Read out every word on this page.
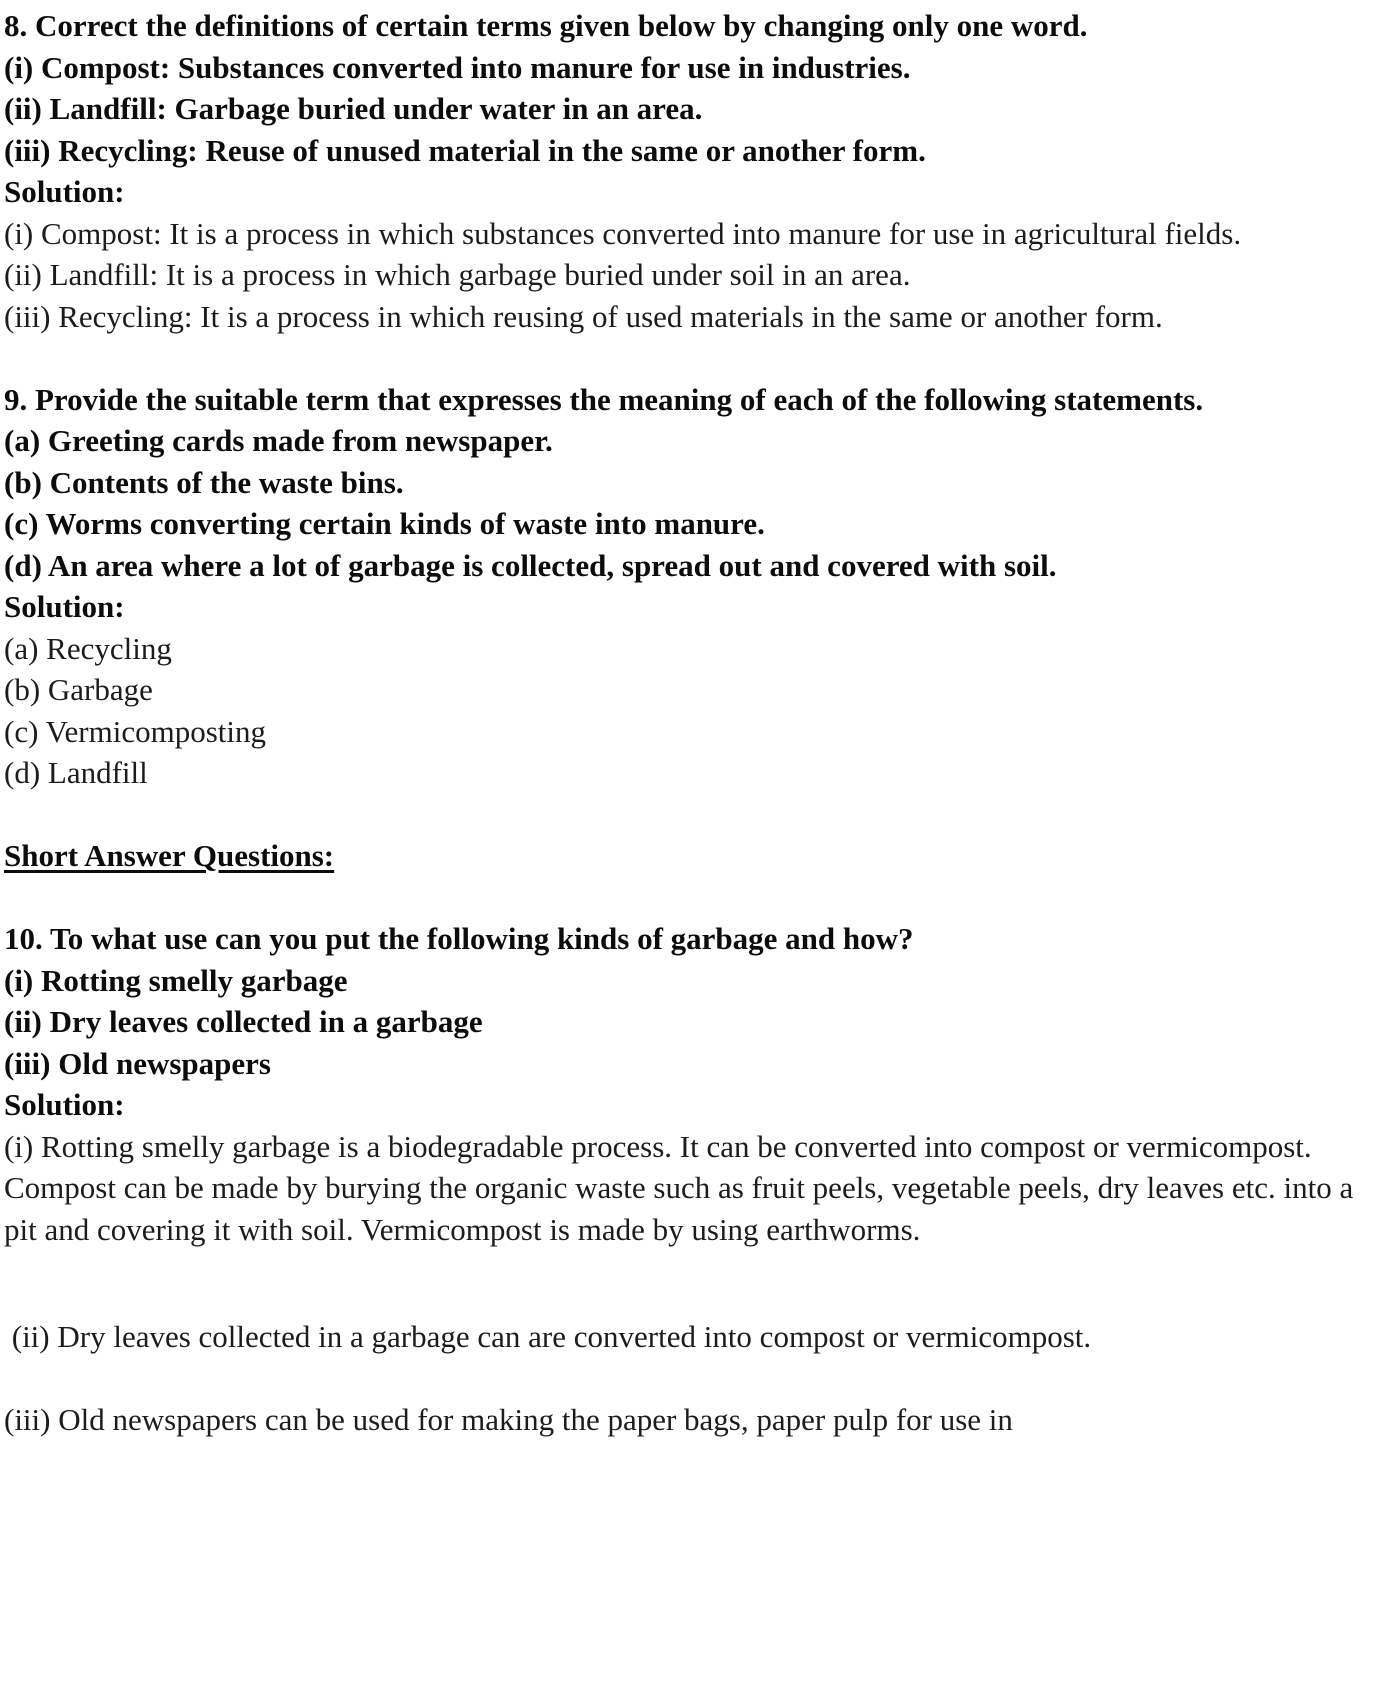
8. Correct the definitions of certain terms given below by changing only one word.

(i) Compost: Substances converted into manure for use in industries.

(ii) Landfill: Garbage buried under water in an area.

(iii) Recycling: Reuse of unused material in the same or another form.

Solution:

(i) Compost: It is a process in which substances converted into manure for use in agricultural fields.

(ii) Landfill: It is a process in which garbage buried under soil in an area.

(iii) Recycling: It is a process in which reusing of used materials in the same or another form.

9. Provide the suitable term that expresses the meaning of each of the following statements.

(a) Greeting cards made from newspaper.

(b) Contents of the waste bins.

(c) Worms converting certain kinds of waste into manure.

(d) An area where a lot of garbage is collected, spread out and covered with soil.

Solution:

(a) Recycling

(b) Garbage

(c) Vermicomposting

(d) Landfill

Short Answer Questions:

10. To what use can you put the following kinds of garbage and how?

(i) Rotting smelly garbage

(ii) Dry leaves collected in a garbage

(iii) Old newspapers

Solution:

(i) Rotting smelly garbage is a biodegradable process. It can be converted into compost or vermicompost. Compost can be made by burying the organic waste such as fruit peels, vegetable peels, dry leaves etc. into a pit and covering it with soil. Vermicompost is made by using earthworms.

(ii) Dry leaves collected in a garbage can are converted into compost or vermicompost.

(iii) Old newspapers can be used for making the paper bags, paper pulp for use in
